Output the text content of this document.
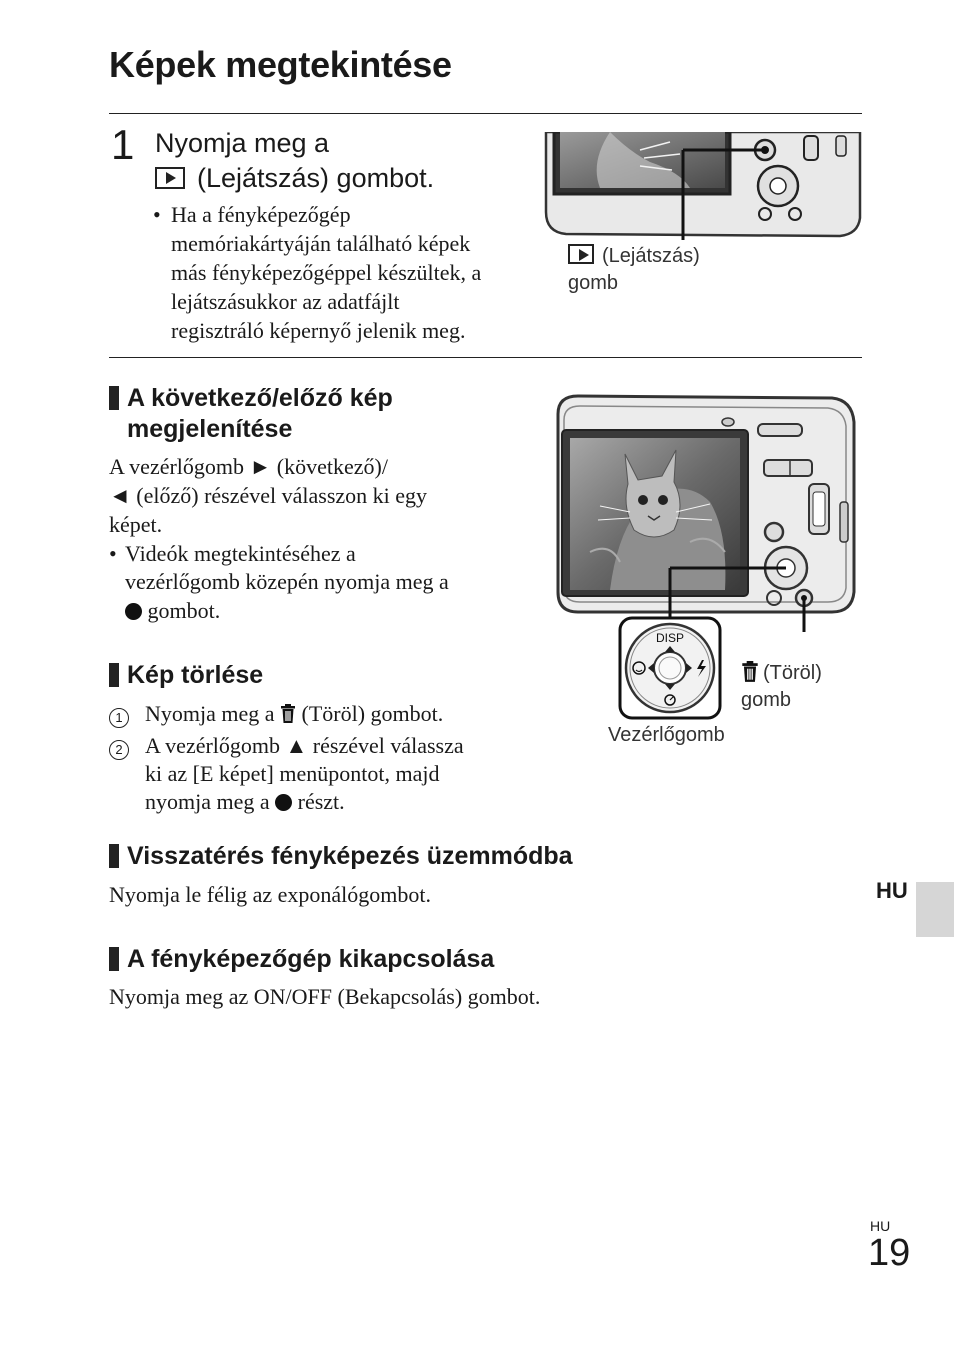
Képek megtekintése
1 Nyomja meg a
(Lejátszás) gombot.
• Ha a fényképezőgép
memóriakártyáján található képek
más fényképezőgéppel készültek, a
lejátszásukkor az adatfájlt
regisztráló képernyő jelenik meg.
(Lejátszás)
gomb
A következő/előző kép
megjelenítése
A vezérlőgomb ► (következő)/
◄ (előző) részével válasszon ki egy
képet.
• Videók megtekintéséhez a
vezérlőgomb közepén nyomja meg a
gombot.
Kép törlése
1 Nyomja meg a (Töröl) gombot.
2 A vezérlőgomb ▲ részével válassza
ki az [E képet] menüpontot, majd
nyomja meg a részt.
DISP
(Töröl)
gomb
Vezérlőgomb
Visszatérés fényképezés üzemmódba
Nyomja le félig az exponálógombot.
A fényképezőgép kikapcsolása
Nyomja meg az ON/OFF (Bekapcsolás) gombot.
HU
HU
19
